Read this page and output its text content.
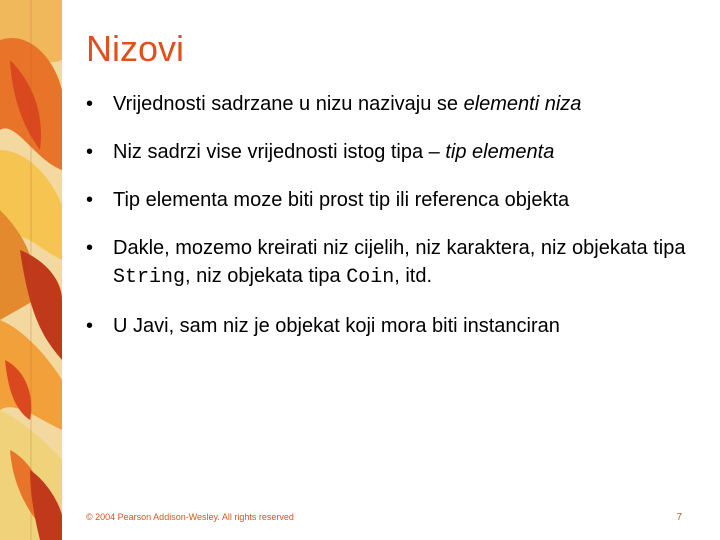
Nizovi
• Vrijednosti sadrzane u nizu nazivaju se elementi niza
• Niz sadrzi vise vrijednosti istog tipa – tip elementa
• Tip elementa moze biti prost tip ili referenca objekta
• Dakle, mozemo kreirati niz cijelih, niz karaktera, niz objekata tipa String, niz objekata tipa Coin, itd.
• U Javi, sam niz je objekat koji mora biti instanciran
© 2004 Pearson Addison-Wesley. All rights reserved	7
